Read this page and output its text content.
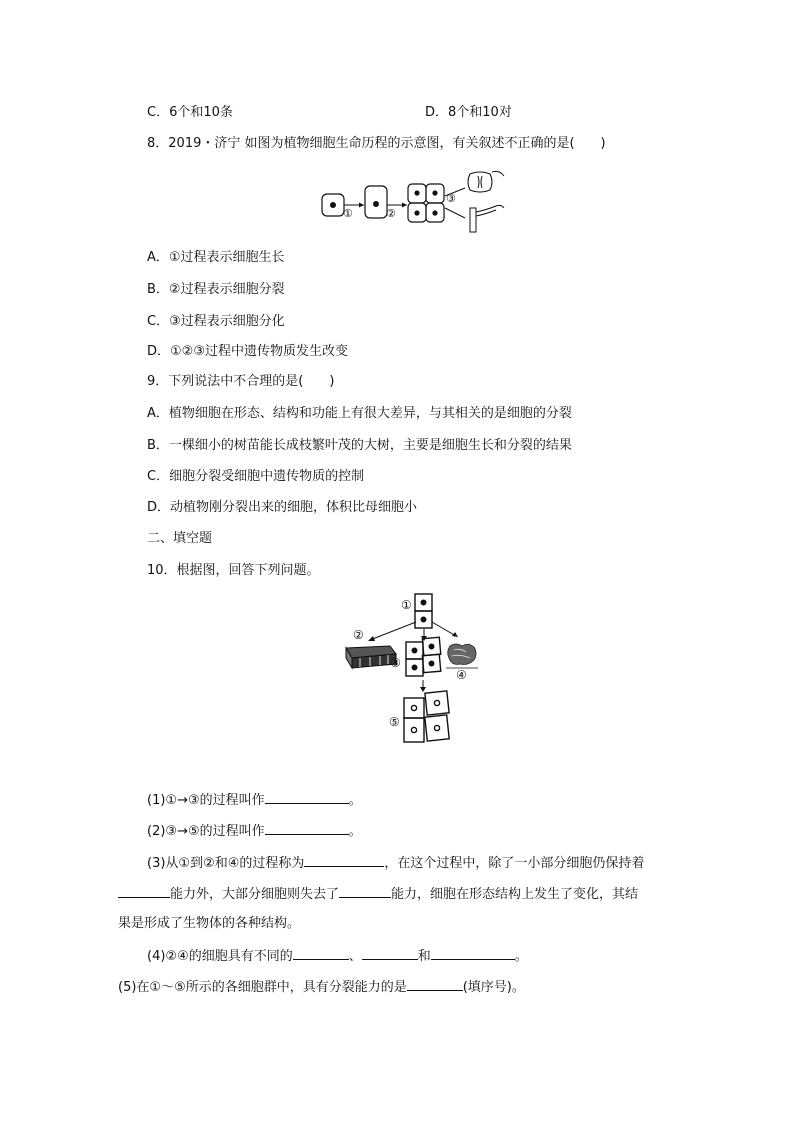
C．6个和10条	D．8个和10对
8．2019・济宁 如图为植物细胞生命历程的示意图，有关叙述不正确的是(　　)
①	②
③
A．①过程表示细胞生长
B．②过程表示细胞分裂
C．③过程表示细胞分化
D．①②③过程中遗传物质发生改变
9．下列说法中不合理的是(　　)
A．植物细胞在形态、结构和功能上有很大差异，与其相关的是细胞的分裂
B．一棵细小的树苗能长成枝繁叶茂的大树，主要是细胞生长和分裂的结果
C．细胞分裂受细胞中遗传物质的控制
D．动植物刚分裂出来的细胞，体积比母细胞小
二、填空题
10．根据图，回答下列问题。
①
②
③
④
⑤
(1)①→③的过程叫作	。
(2)③→⑤的过程叫作	。
(3)从①到②和④的过程称为	，在这个过程中，除了一小部分细胞仍保持着
能力外，大部分细胞则失去了	能力，细胞在形态结构上发生了变化，其结
果是形成了生物体的各种结构。
(4)②④的细胞具有不同的	、	和	。
(5)在①～⑤所示的各细胞群中，具有分裂能力的是	(填序号)。
